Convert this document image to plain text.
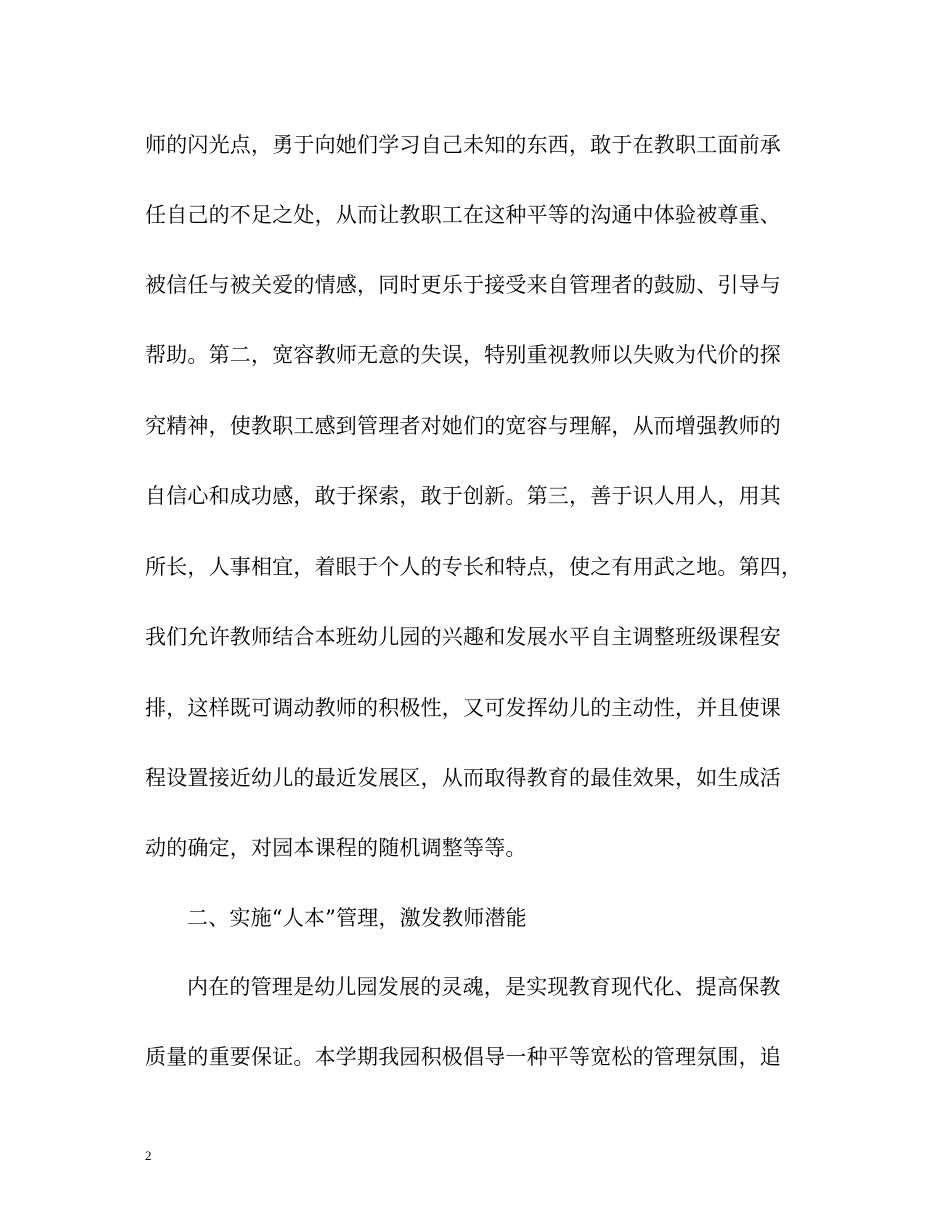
师的闪光点，勇于向她们学习自己未知的东西，敢于在教职工面前承
任自己的不足之处，从而让教职工在这种平等的沟通中体验被尊重、
被信任与被关爱的情感，同时更乐于接受来自管理者的鼓励、引导与
帮助。第二，宽容教师无意的失误，特别重视教师以失败为代价的探
究精神，使教职工感到管理者对她们的宽容与理解，从而增强教师的
自信心和成功感，敢于探索，敢于创新。第三，善于识人用人，用其
所长，人事相宜，着眼于个人的专长和特点，使之有用武之地。第四，
我们允许教师结合本班幼儿园的兴趣和发展水平自主调整班级课程安
排，这样既可调动教师的积极性，又可发挥幼儿的主动性，并且使课
程设置接近幼儿的最近发展区，从而取得教育的最佳效果，如生成活
动的确定，对园本课程的随机调整等等。
二、实施“人本”管理，激发教师潜能
内在的管理是幼儿园发展的灵魂，是实现教育现代化、提高保教
质量的重要保证。本学期我园积极倡导一种平等宽松的管理氛围，追
2
